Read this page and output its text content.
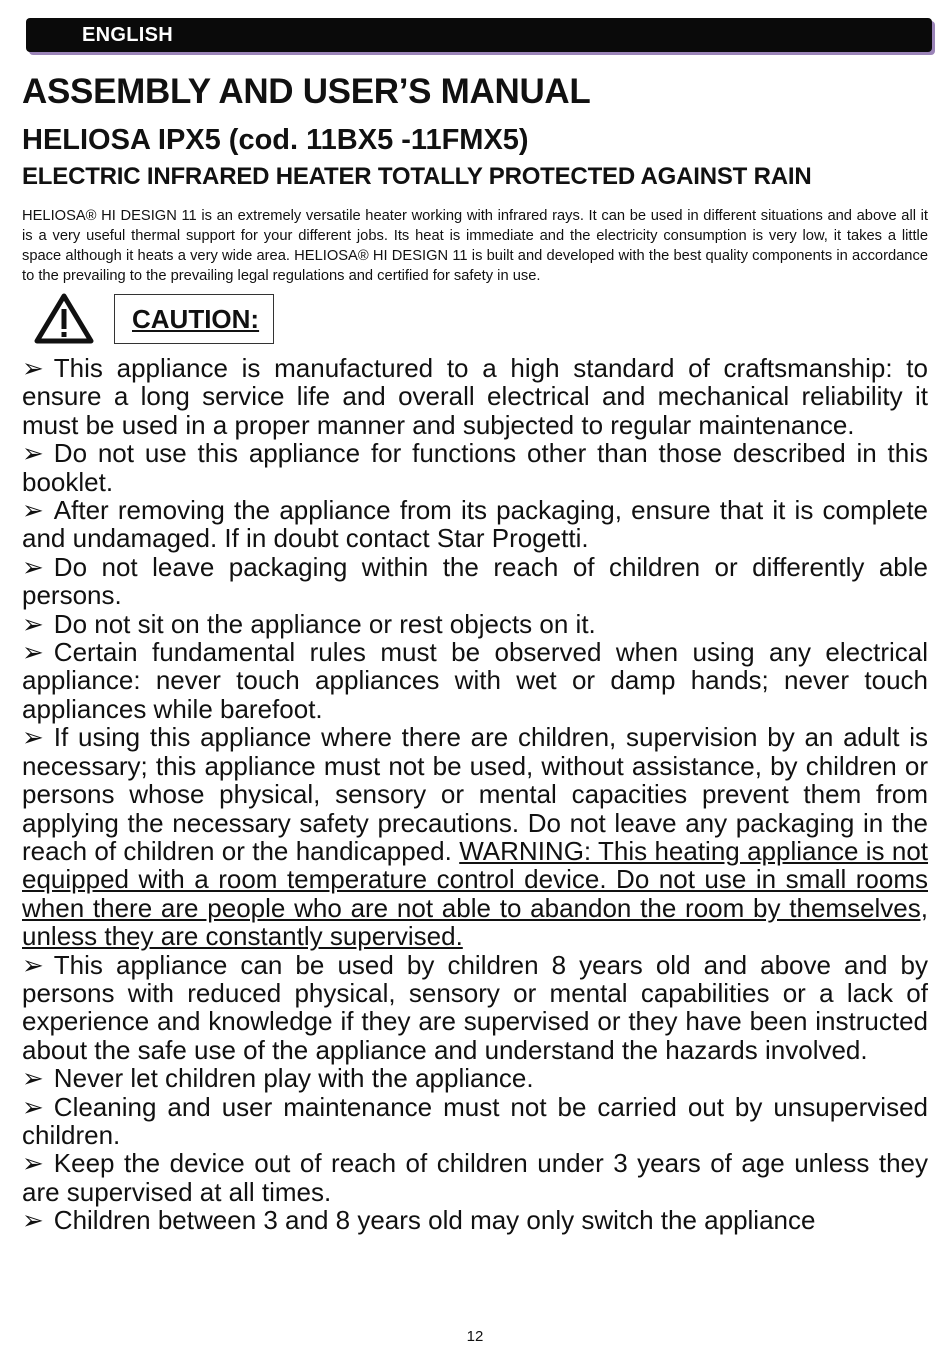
ENGLISH
ASSEMBLY AND USER’S MANUAL
HELIOSA IPX5 (cod. 11BX5 -11FMX5)
ELECTRIC INFRARED HEATER TOTALLY PROTECTED AGAINST RAIN

HELIOSA® HI DESIGN 11 is an extremely versatile heater working with infrared rays. It can be used in different situations and above all it is a very useful thermal support for your different jobs. Its heat is immediate and the electricity consumption is very low, it takes a little space although it heats a very wide area. HELIOSA® HI DESIGN 11 is built and developed with the best quality components in accordance to the prevailing to the prevailing legal regulations and certified for safety in use.

CAUTION:

➢ This appliance is manufactured to a high standard of craftsmanship: to ensure a long service life and overall electrical and mechanical reliability it must be used in a proper manner and subjected to regular maintenance.

➢ Do not use this appliance for functions other than those described in this booklet.

➢ After removing the appliance from its packaging, ensure that it is complete and undamaged. If in doubt contact Star Progetti.

➢ Do not leave packaging within the reach of children or differently able persons.

➢ Do not sit on the appliance or rest objects on it.

➢ Certain fundamental rules must be observed when using any electrical appliance: never touch appliances with wet or damp hands; never touch appliances while barefoot.

➢ If using this appliance where there are children, supervision by an adult is necessary; this appliance must not be used, without assistance, by children or persons whose physical, sensory or mental capacities prevent them from applying the necessary safety precautions. Do not leave any packaging in the reach of children or the handicapped. WARNING: This heating appliance is not equipped with a room temperature control device. Do not use in small rooms when there are people who are not able to abandon the room by themselves, unless they are constantly supervised.

➢ This appliance can be used by children 8 years old and above and by persons with reduced physical, sensory or mental capabilities or a lack of experience and knowledge if they are supervised or they have been instructed about the safe use of the appliance and understand the hazards involved.

➢ Never let children play with the appliance.

➢ Cleaning and user maintenance must not be carried out by unsupervised children.

➢ Keep the device out of reach of children under 3 years of age unless they are supervised at all times.

➢ Children between 3 and 8 years old may only switch the appliance

12
